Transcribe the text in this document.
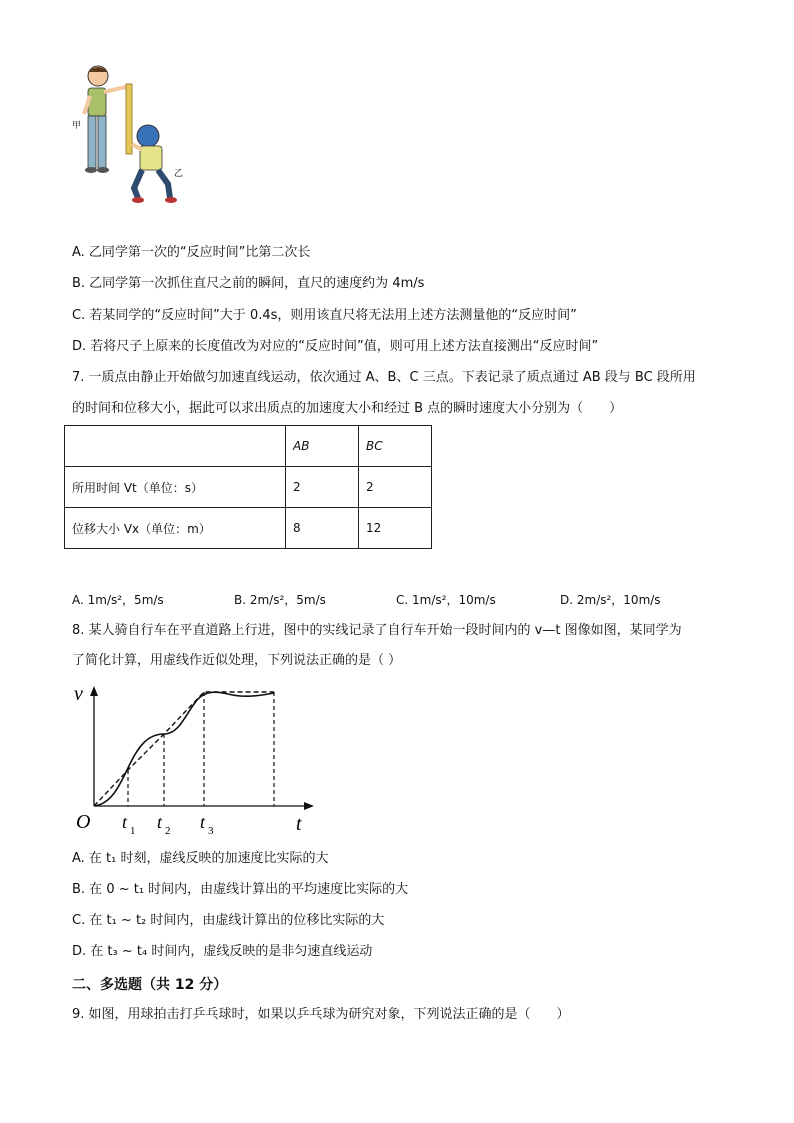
甲
乙
A. 乙同学第一次的“反应时间”比第二次长
B. 乙同学第一次抓住直尺之前的瞬间，直尺的速度约为 4m/s
C. 若某同学的“反应时间”大于 0.4s，则用该直尺将无法用上述方法测量他的“反应时间”
D. 若将尺子上原来的长度值改为对应的“反应时间”值，则可用上述方法直接测出“反应时间”
7. 一质点由静止开始做匀加速直线运动，依次通过 A、B、C 三点。下表记录了质点通过 AB 段与 BC 段所用
的时间和位移大小，据此可以求出质点的加速度大小和经过 B 点的瞬时速度大小分别为（　　）
	AB	BC
所用时间 Vt（单位：s）	2	2
位移大小 Vx（单位：m）	8	12
A. 1m/s²，5m/s	B. 2m/s²，5m/s	C. 1m/s²，10m/s	D. 2m/s²，10m/s
8. 某人骑自行车在平直道路上行进，图中的实线记录了自行车开始一段时间内的 v—t 图像如图，某同学为
了简化计算，用虚线作近似处理，下列说法正确的是（ ）
v
t
O t 1 t 2 t 3
A. 在 t₁ 时刻，虚线反映的加速度比实际的大
B. 在 0 ~ t₁ 时间内，由虚线计算出的平均速度比实际的大
C. 在 t₁ ~ t₂ 时间内，由虚线计算出的位移比实际的大
D. 在 t₃ ~ t₄ 时间内，虚线反映的是非匀速直线运动
二、多选题（共 12 分）
9. 如图，用球拍击打乒乓球时，如果以乒乓球为研究对象，下列说法正确的是（　　）
